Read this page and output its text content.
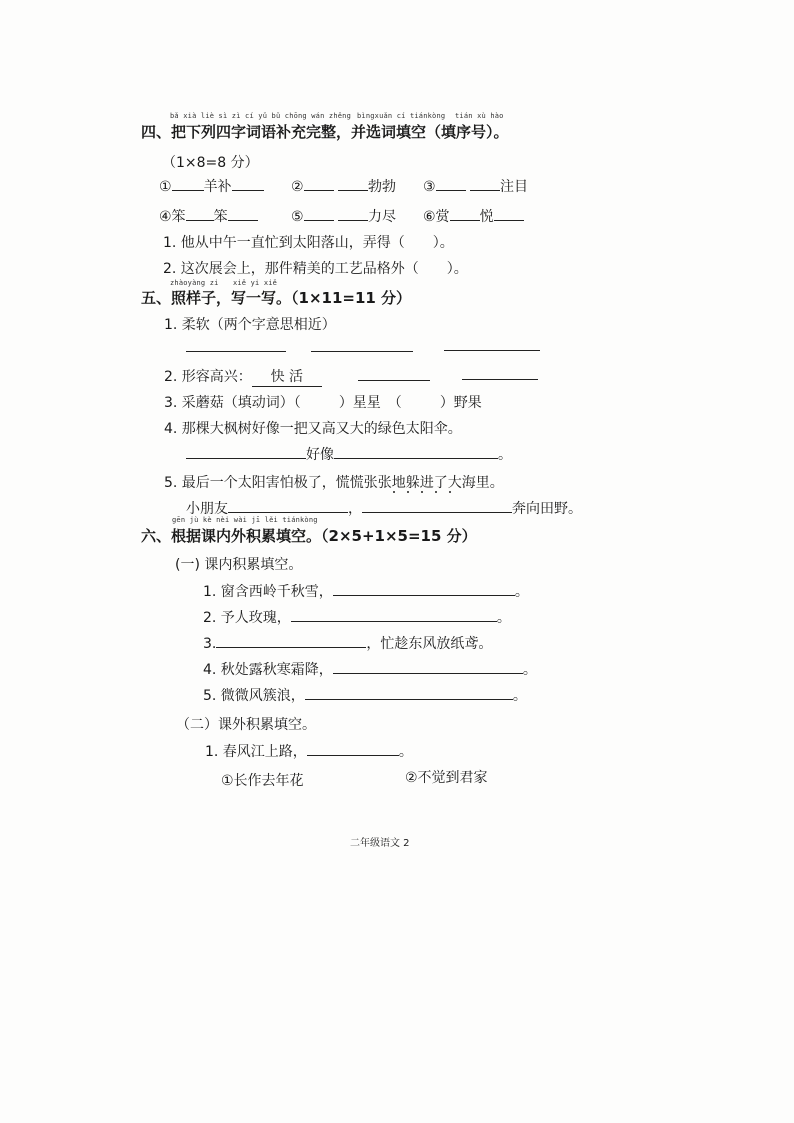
bǎ xià liè sì zì cí yǔ bǔ chōng wán zhěng bìngxuǎn cí tiánkòng tián xù hào
四、把下列四字词语补充完整，并选词填空（填序号）。
（1×8=8 分）
① 羊补	②	勃勃 ③	注目
④笨 笨	⑤	力尽 ⑥赏 悦
1. 他从中午一直忙到太阳落山，弄得（　　）。
2. 这次展会上，那件精美的工艺品格外（　　）。
zhàoyàng zi　　xiě yi xiě
五、照样子，写一写。（1×11=11 分）
1. 柔软（两个字意思相近）
2. 形容高兴： 快 活
3. 采蘑菇（填动词）（	）星星　（	）野果
4. 那棵大枫树好像一把又高又大的绿色太阳伞。
好像	。
5. 最后一个太阳害怕极了，慌慌张张地躲进了大海里。
小朋友	，	奔向田野。
gēn jù kè nèi wài jī lěi tiánkòng
六、根据课内外积累填空。（2×5+1×5=15 分）
(一) 课内积累填空。
1. 窗含西岭千秋雪，	。
2. 予人玫瑰，	。
3.	，忙趁东风放纸鸢。
4. 秋处露秋寒霜降，	。
5. 微微风簇浪，	。
（二）课外积累填空。
1. 春风江上路，	。
①长作去年花	②不觉到君家
二年级语文 2
